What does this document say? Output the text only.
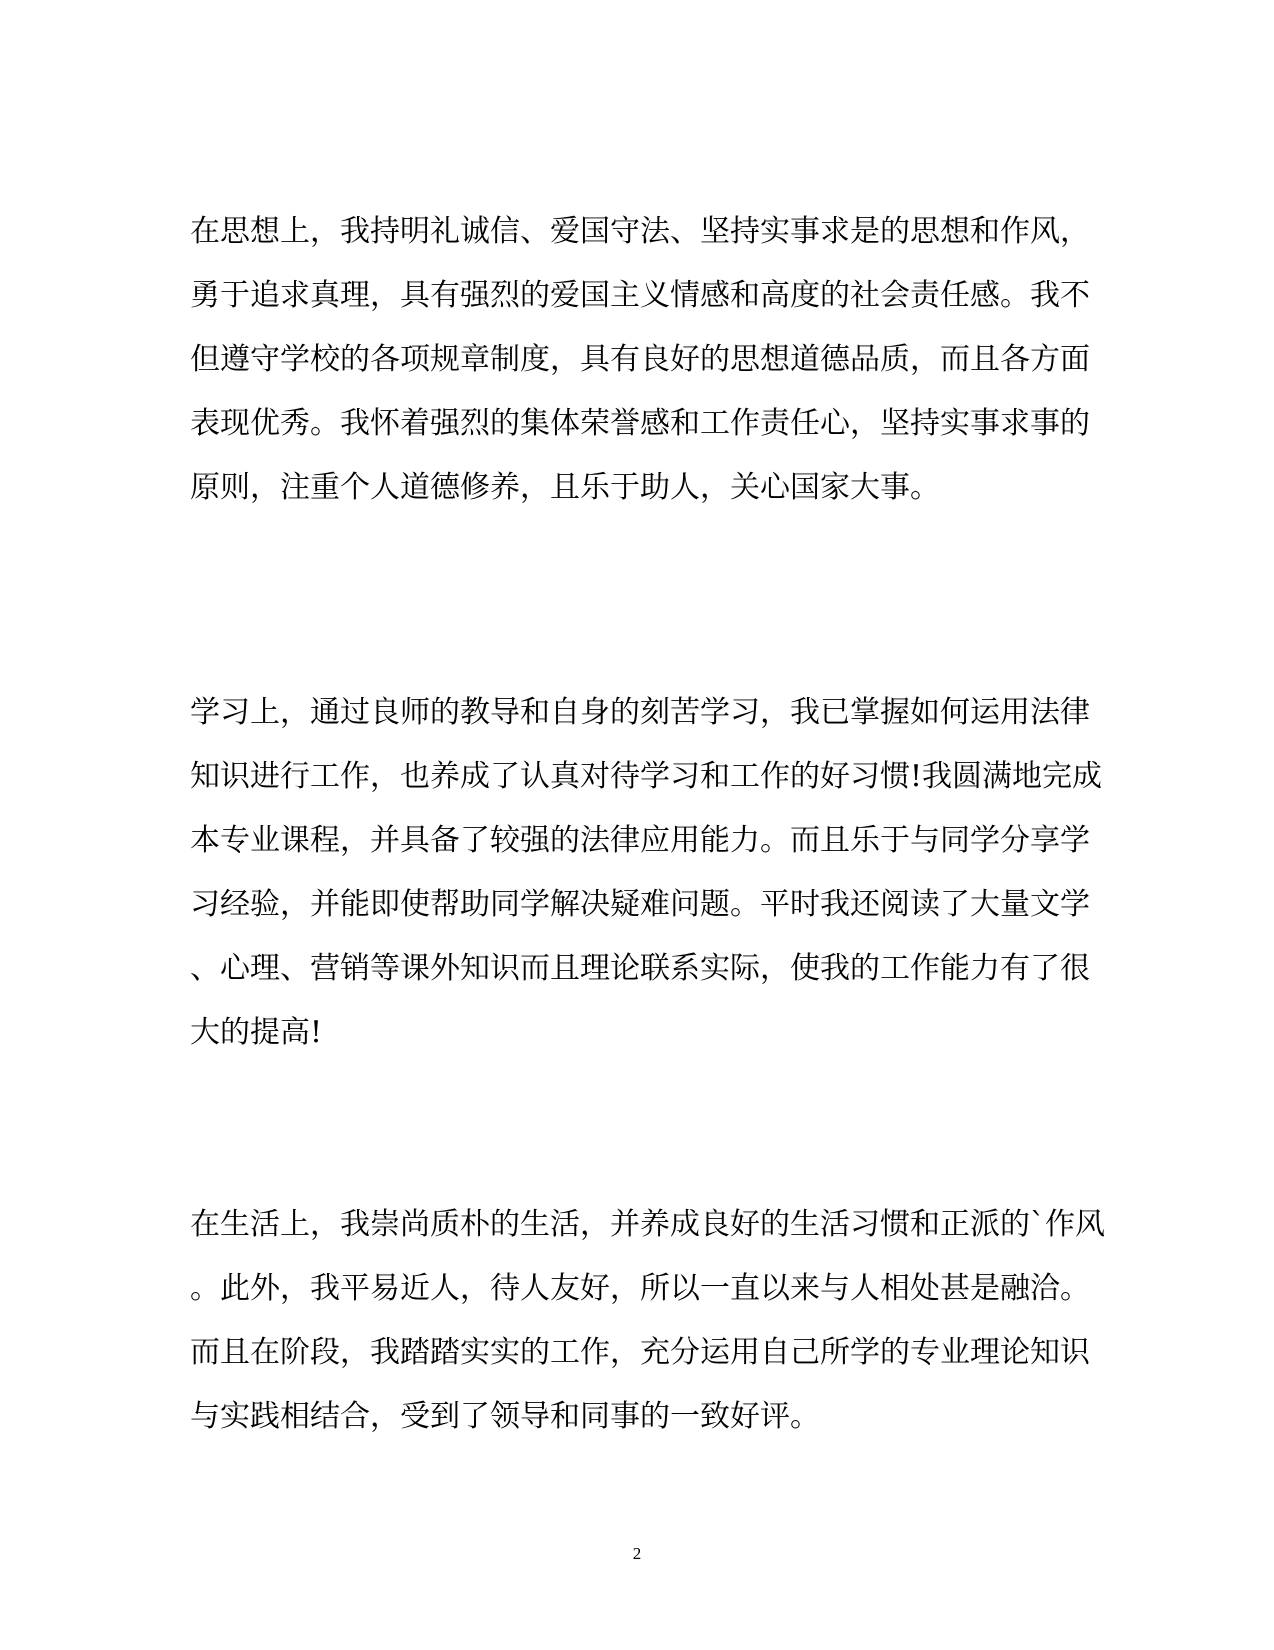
在思想上，我持明礼诚信、爱国守法、坚持实事求是的思想和作风，
勇于追求真理，具有强烈的爱国主义情感和高度的社会责任感。我不
但遵守学校的各项规章制度，具有良好的思想道德品质，而且各方面
表现优秀。我怀着强烈的集体荣誉感和工作责任心，坚持实事求事的
原则，注重个人道德修养，且乐于助人，关心国家大事。
学习上，通过良师的教导和自身的刻苦学习，我已掌握如何运用法律
知识进行工作，也养成了认真对待学习和工作的好习惯!我圆满地完成
本专业课程，并具备了较强的法律应用能力。而且乐于与同学分享学
习经验，并能即使帮助同学解决疑难问题。平时我还阅读了大量文学
、心理、营销等课外知识而且理论联系实际，使我的工作能力有了很
大的提高!
在生活上，我崇尚质朴的生活，并养成良好的生活习惯和正派的`作风
。此外，我平易近人，待人友好，所以一直以来与人相处甚是融洽。
而且在阶段，我踏踏实实的工作，充分运用自己所学的专业理论知识
与实践相结合，受到了领导和同事的一致好评。
2
